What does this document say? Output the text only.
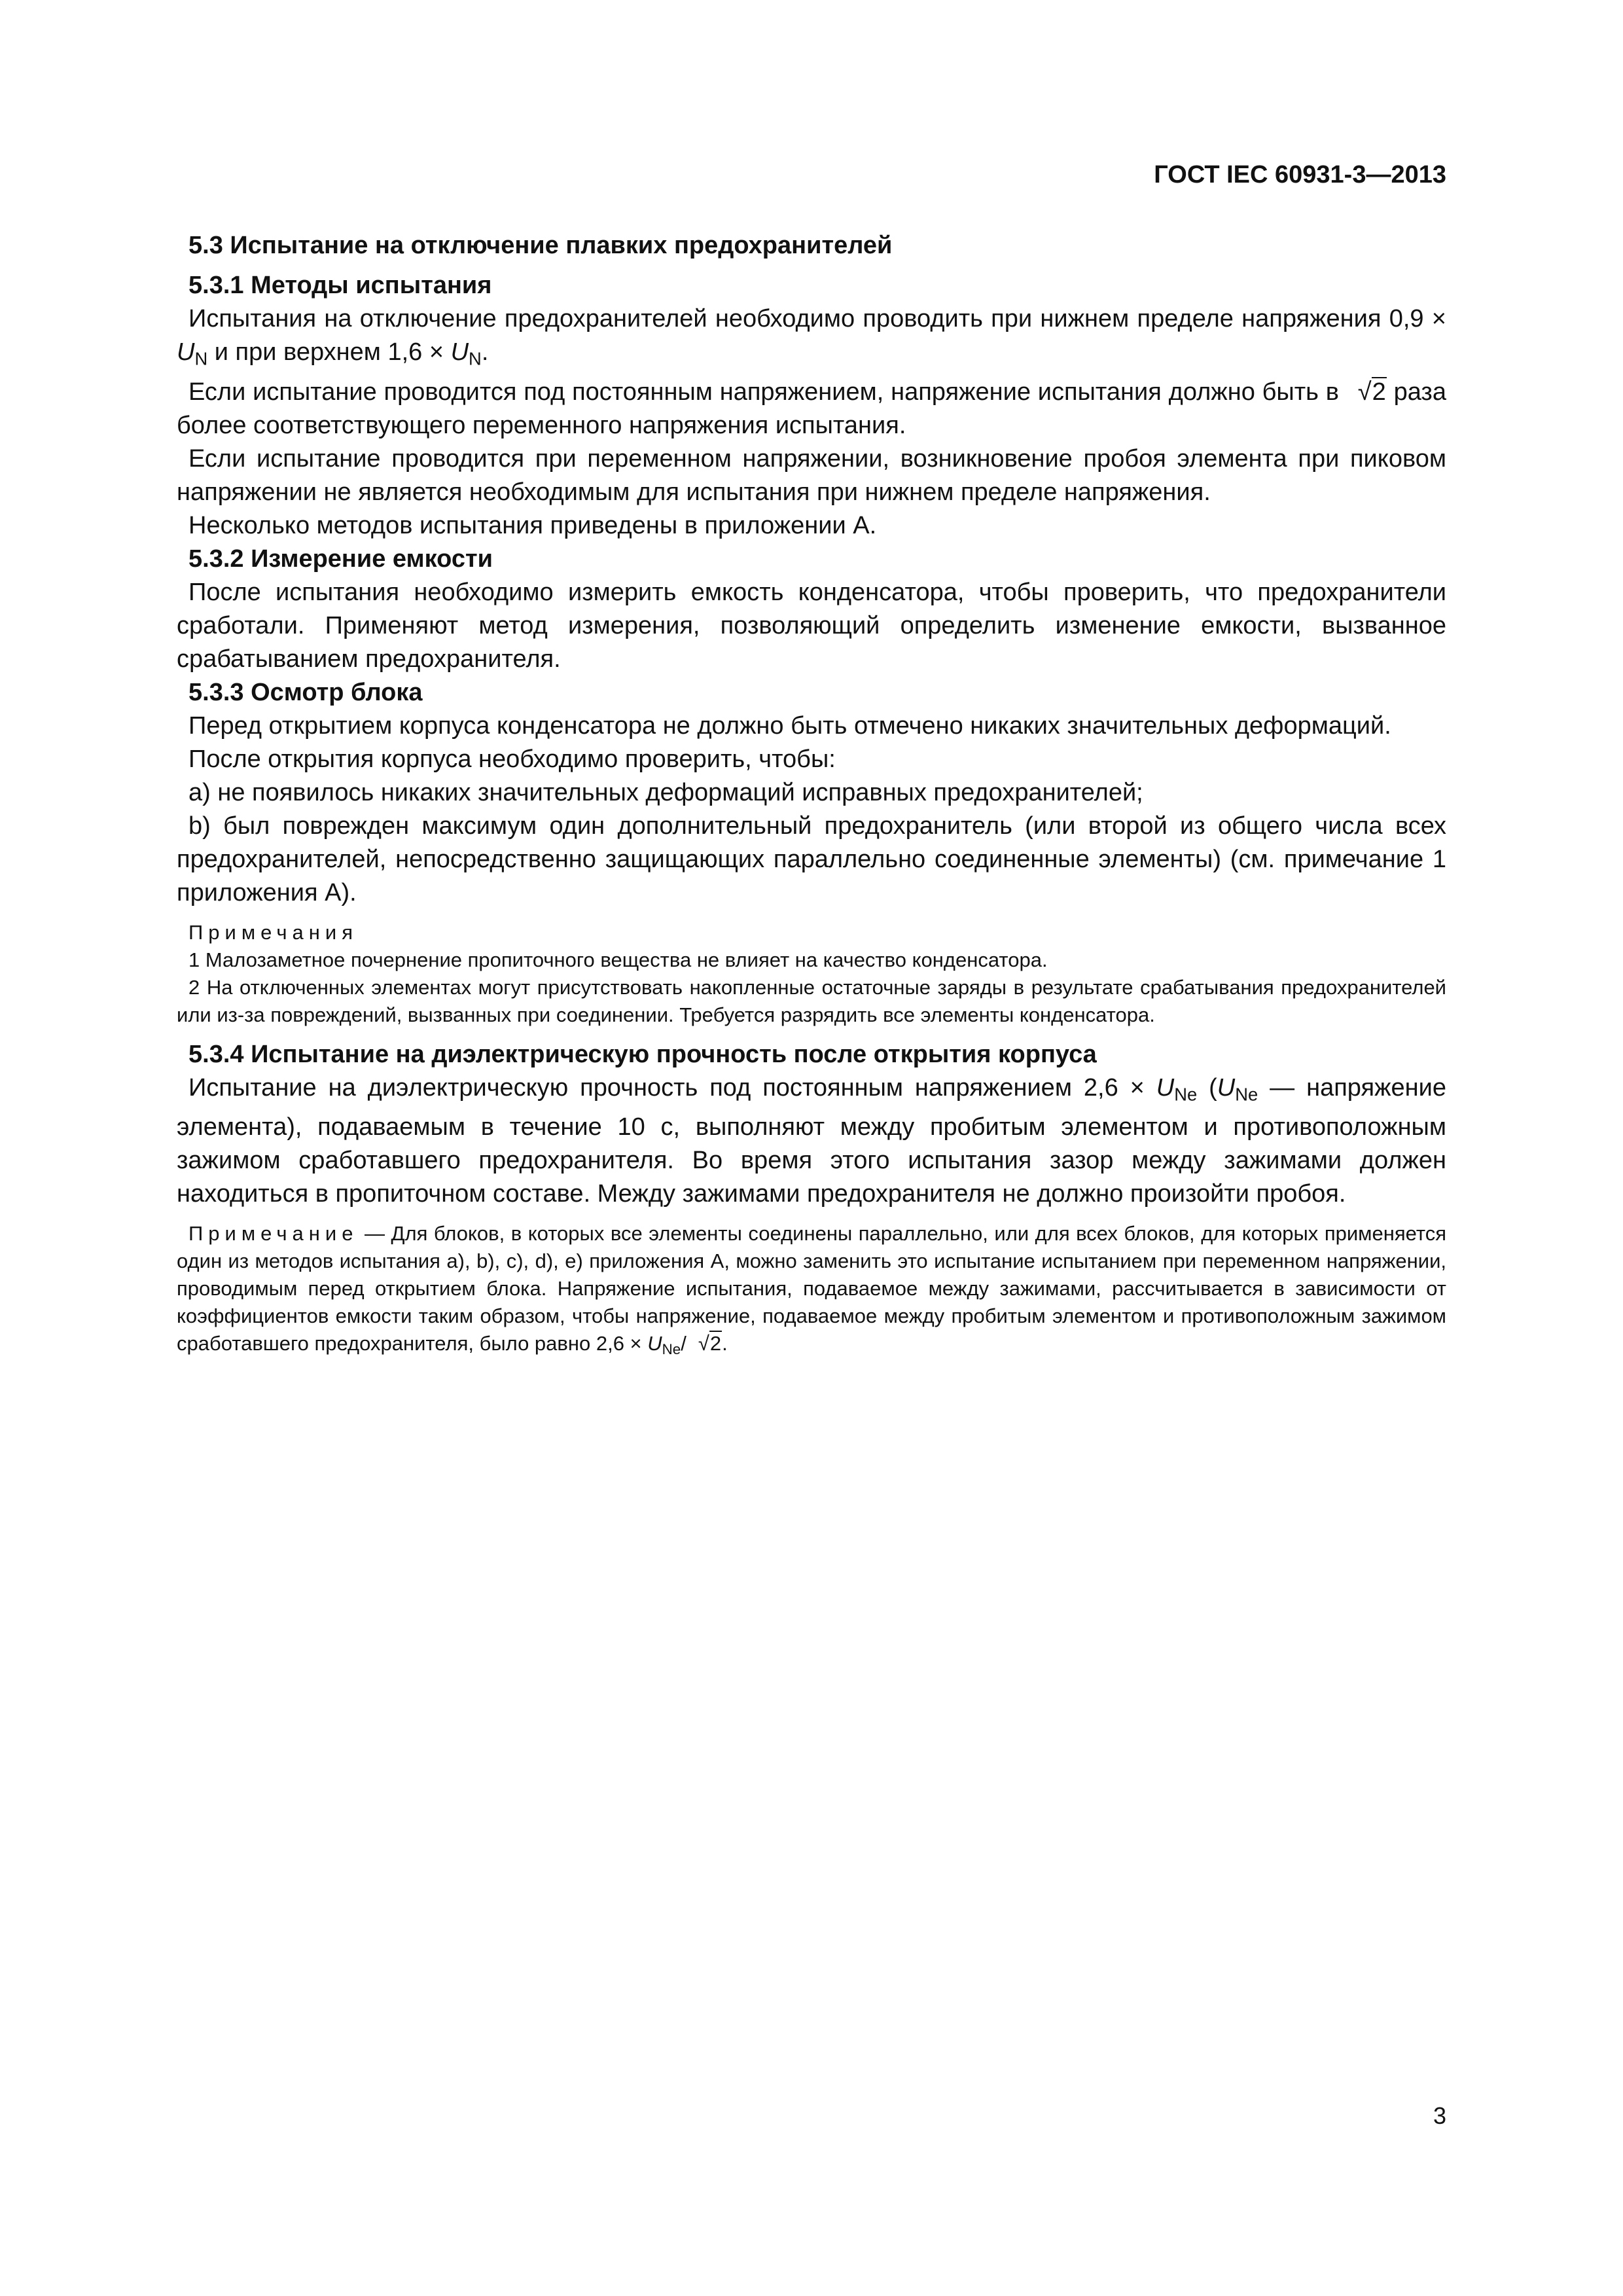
ГОСТ IEC 60931-3—2013

5.3 Испытание на отключение плавких предохранителей

5.3.1 Методы испытания

Испытания на отключение предохранителей необходимо проводить при нижнем пределе напряжения $0,9 \times U_N$ и при верхнем $1,6 \times U_N$.

Если испытание проводится под постоянным напряжением, напряжение испытания должно быть в √2 раза более соответствующего переменного напряжения испытания.

Если испытание проводится при переменном напряжении, возникновение пробоя элемента при пиковом напряжении не является необходимым для испытания при нижнем пределе напряжения.

Несколько методов испытания приведены в приложении А.

5.3.2 Измерение емкости

После испытания необходимо измерить емкость конденсатора, чтобы проверить, что предохранители сработали. Применяют метод измерения, позволяющий определить изменение емкости, вызванное срабатыванием предохранителя.

5.3.3 Осмотр блока

Перед открытием корпуса конденсатора не должно быть отмечено никаких значительных деформаций.

После открытия корпуса необходимо проверить, чтобы:

a) не появилось никаких значительных деформаций исправных предохранителей;

b) был поврежден максимум один дополнительный предохранитель (или второй из общего числа всех предохранителей, непосредственно защищающих параллельно соединенные элементы) (см. примечание 1 приложения А).

Примечания

1 Малозаметное почернение пропиточного вещества не влияет на качество конденсатора.

2 На отключенных элементах могут присутствовать накопленные остаточные заряды в результате срабатывания предохранителей или из-за повреждений, вызванных при соединении. Требуется разрядить все элементы конденсатора.

5.3.4 Испытание на диэлектрическую прочность после открытия корпуса

Испытание на диэлектрическую прочность под постоянным напряжением $2,6 \times U_{Ne}$ ($U_{Ne}$ — напряжение элемента), подаваемым в течение 10 с, выполняют между пробитым элементом и противоположным зажимом сработавшего предохранителя. Во время этого испытания зазор между зажимами должен находиться в пропиточном составе. Между зажимами предохранителя не должно произойти пробоя.

Примечание — Для блоков, в которых все элементы соединены параллельно, или для всех блоков, для которых применяется один из методов испытания а), b), с), d), е) приложения А, можно заменить это испытание испытанием при переменном напряжении, проводимым перед открытием блока. Напряжение испытания, подаваемое между зажимами, рассчитывается в зависимости от коэффициентов емкости таким образом, чтобы напряжение, подаваемое между пробитым элементом и противоположным зажимом сработавшего предохранителя, было равно $2,6 \times U_{Ne}/$ √2.

3
